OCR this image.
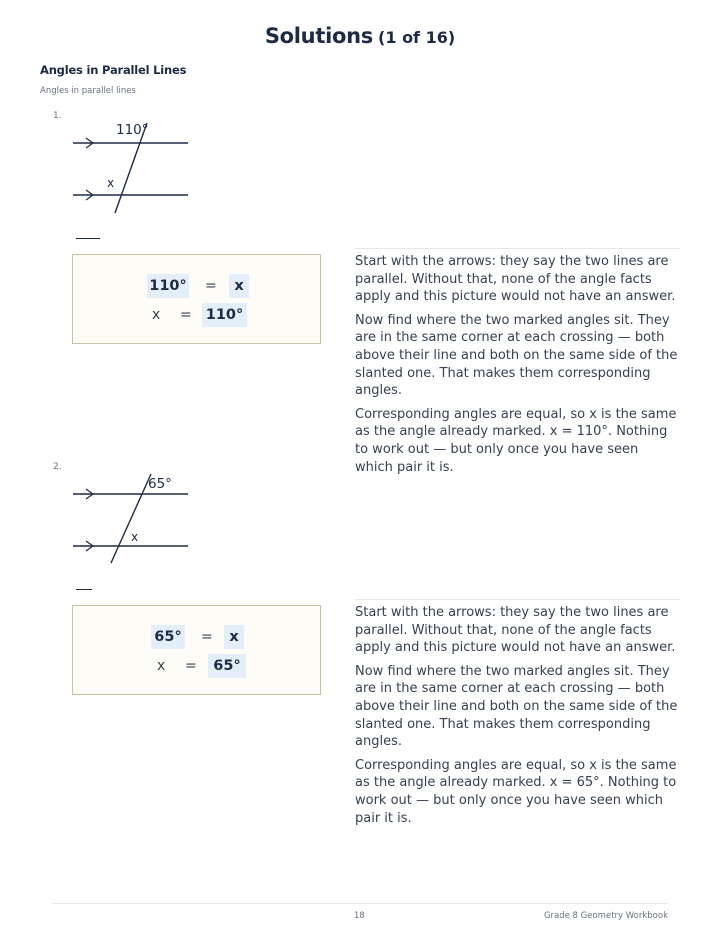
Solutions (1 of 16)
Angles in Parallel Lines
Angles in parallel lines
1.
110°
x
110° =	x
x = 110°

Start with the arrows: they say the two lines are parallel. Without that, none of the angle facts apply and this picture would not have an answer.

Now find where the two marked angles sit. They are in the same corner at each crossing — both above their line and both on the same side of the slanted one. That makes them corresponding angles.

Corresponding angles are equal, so x is the same as the angle already marked. x = 110°. Nothing to work out — but only once you have seen which pair it is.

2.
65°
x
65° =	x
x =	65°

Start with the arrows: they say the two lines are parallel. Without that, none of the angle facts apply and this picture would not have an answer.

Now find where the two marked angles sit. They are in the same corner at each crossing — both above their line and both on the same side of the slanted one. That makes them corresponding angles.

Corresponding angles are equal, so x is the same as the angle already marked. x = 65°. Nothing to work out — but only once you have seen which pair it is.

18	Grade 8 Geometry Workbook
